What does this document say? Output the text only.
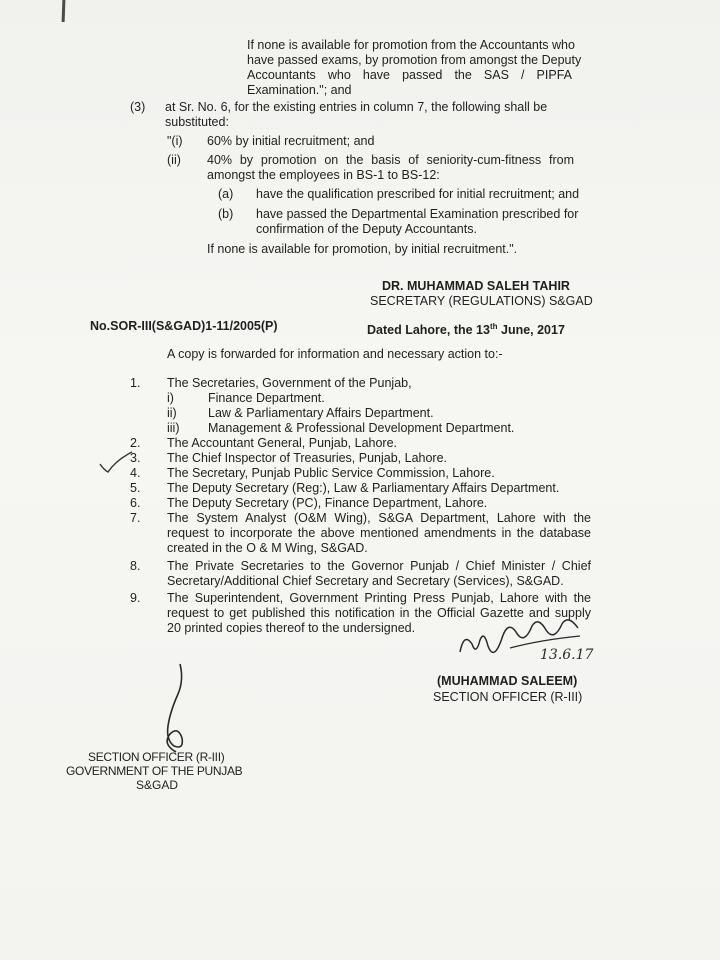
If none is available for promotion from the Accountants who
have passed exams, by promotion from amongst the Deputy
Accountants who have passed the SAS / PIPFA
Examination."; and
(3) at Sr. No. 6, for the existing entries in column 7, the following shall be
substituted:
"(i) 60% by initial recruitment; and
(ii) 40% by promotion on the basis of seniority-cum-fitness from
amongst the employees in BS-1 to BS-12:
(a) have the qualification prescribed for initial recruitment; and
(b) have passed the Departmental Examination prescribed for
confirmation of the Deputy Accountants.
If none is available for promotion, by initial recruitment.".
DR. MUHAMMAD SALEH TAHIR
SECRETARY (REGULATIONS) S&GAD
No.SOR-III(S&GAD)1-11/2005(P)	Dated Lahore, the 13th June, 2017
A copy is forwarded for information and necessary action to:-
1. The Secretaries, Government of the Punjab,
i)	Finance Department.
ii)	Law & Parliamentary Affairs Department.
iii) Management & Professional Development Department.
2. The Accountant General, Punjab, Lahore.
3. The Chief Inspector of Treasuries, Punjab, Lahore.
4. The Secretary, Punjab Public Service Commission, Lahore.
5. The Deputy Secretary (Reg:), Law & Parliamentary Affairs Department.
6. The Deputy Secretary (PC), Finance Department, Lahore.
7. The System Analyst (O&M Wing), S&GA Department, Lahore with the
request to incorporate the above mentioned amendments in the database
created in the O & M Wing, S&GAD.
8. The Private Secretaries to the Governor Punjab / Chief Minister / Chief
Secretary/Additional Chief Secretary and Secretary (Services), S&GAD.
9. The Superintendent, Government Printing Press Punjab, Lahore with the
request to get published this notification in the Official Gazette and supply
20 printed copies thereof to the undersigned.
13.6.17
(MUHAMMAD SALEEM)
SECTION OFFICER (R-III)
SECTION OFFICER (R-III)
GOVERNMENT OF THE PUNJAB
S&GAD
